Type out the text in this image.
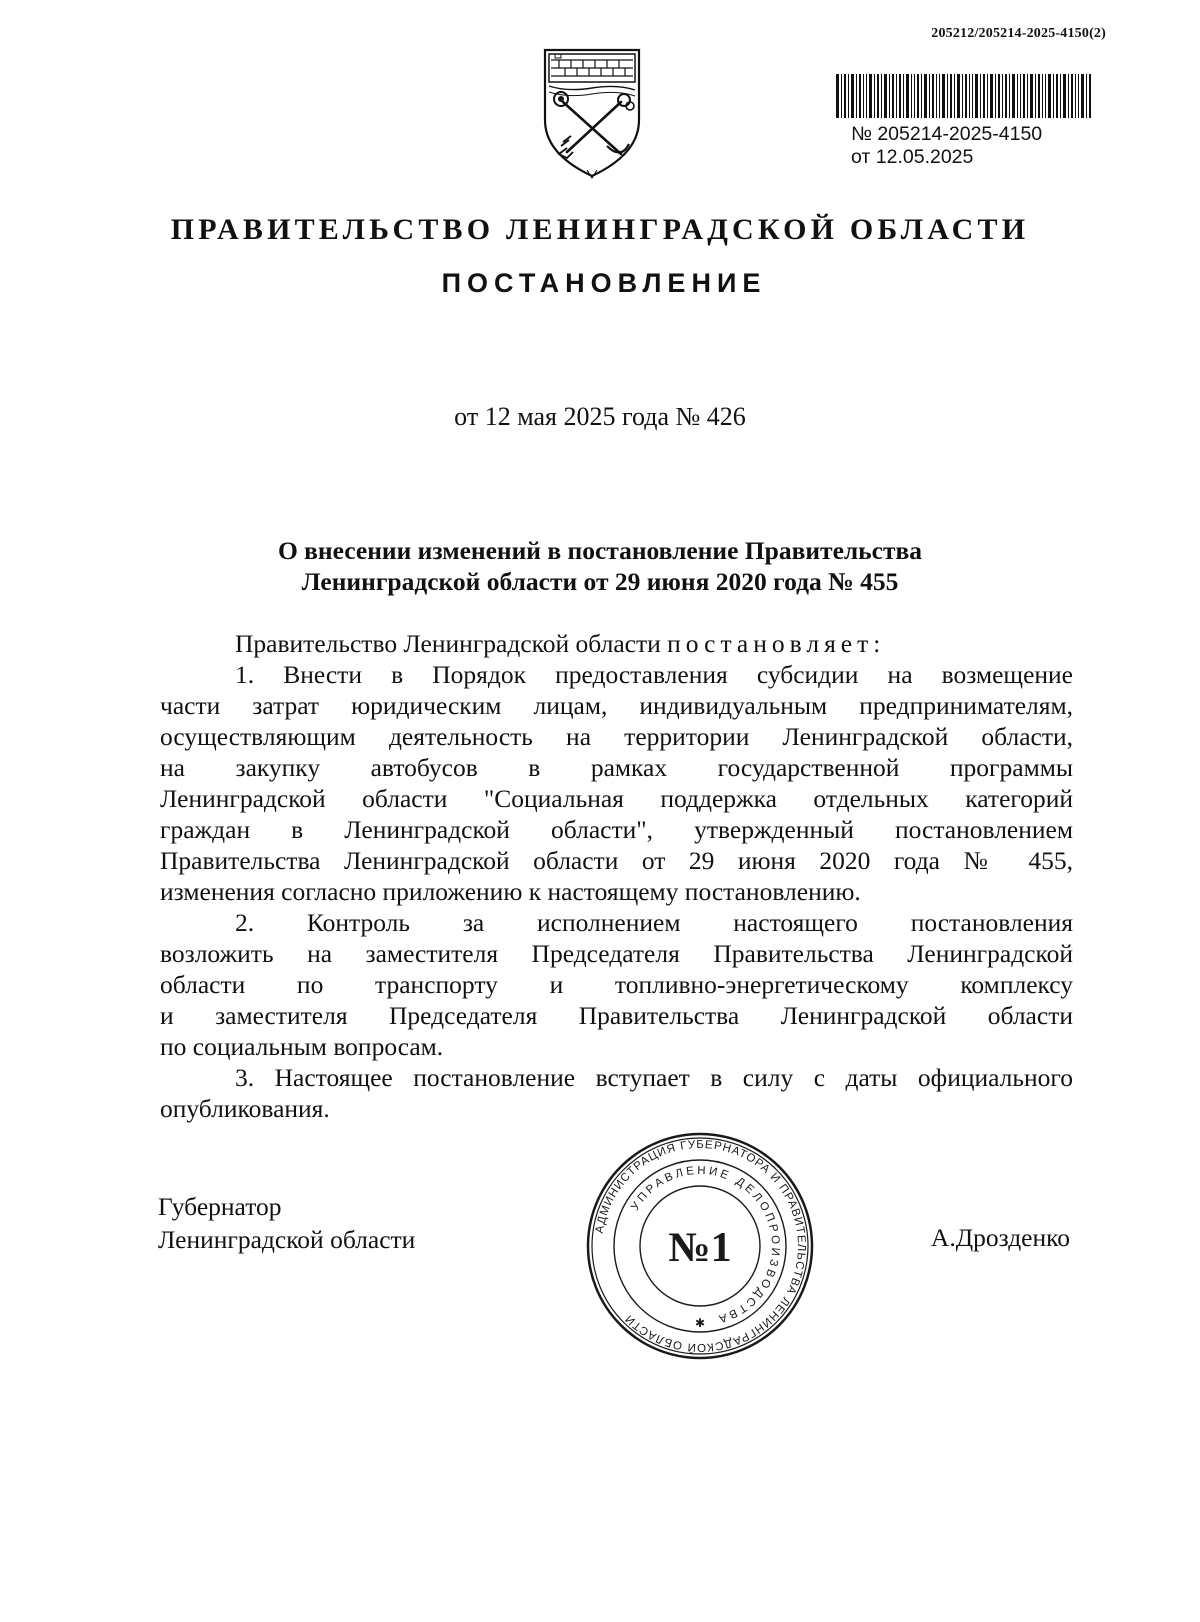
205212/205214-2025-4150(2)
№ 205214-2025-4150
от 12.05.2025
ПРАВИТЕЛЬСТВО ЛЕНИНГРАДСКОЙ ОБЛАСТИ
ПОСТАНОВЛЕНИЕ
от 12 мая 2025 года № 426
О внесении изменений в постановление Правительства
Ленинградской области от 29 июня 2020 года № 455
Правительство Ленинградской области постановляет:
1. Внести в Порядок предоставления субсидии на возмещение
части затрат юридическим лицам, индивидуальным предпринимателям,
осуществляющим деятельность на территории Ленинградской области,
на закупку автобусов в рамках государственной программы
Ленинградской области "Социальная поддержка отдельных категорий
граждан в Ленинградской области", утвержденный постановлением
Правительства Ленинградской области от 29 июня 2020 года № 455,
изменения согласно приложению к настоящему постановлению.
2. Контроль за исполнением настоящего постановления
возложить на заместителя Председателя Правительства Ленинградской
области по транспорту и топливно-энергетическому комплексу
и заместителя Председателя Правительства Ленинградской области
по социальным вопросам.
3. Настоящее постановление вступает в силу с даты официального
опубликования.
Губернатор
Ленинградской области	А.Дрозденко
АДМИНИСТРАЦИЯ ГУБЕРНАТОРА И ПРАВИТЕЛЬСТВА ЛЕНИНГРАДСКОЙ ОБЛАСТИ
УПРАВЛЕНИЕ ДЕЛОПРОИЗВОДСТВА
№1
✱
